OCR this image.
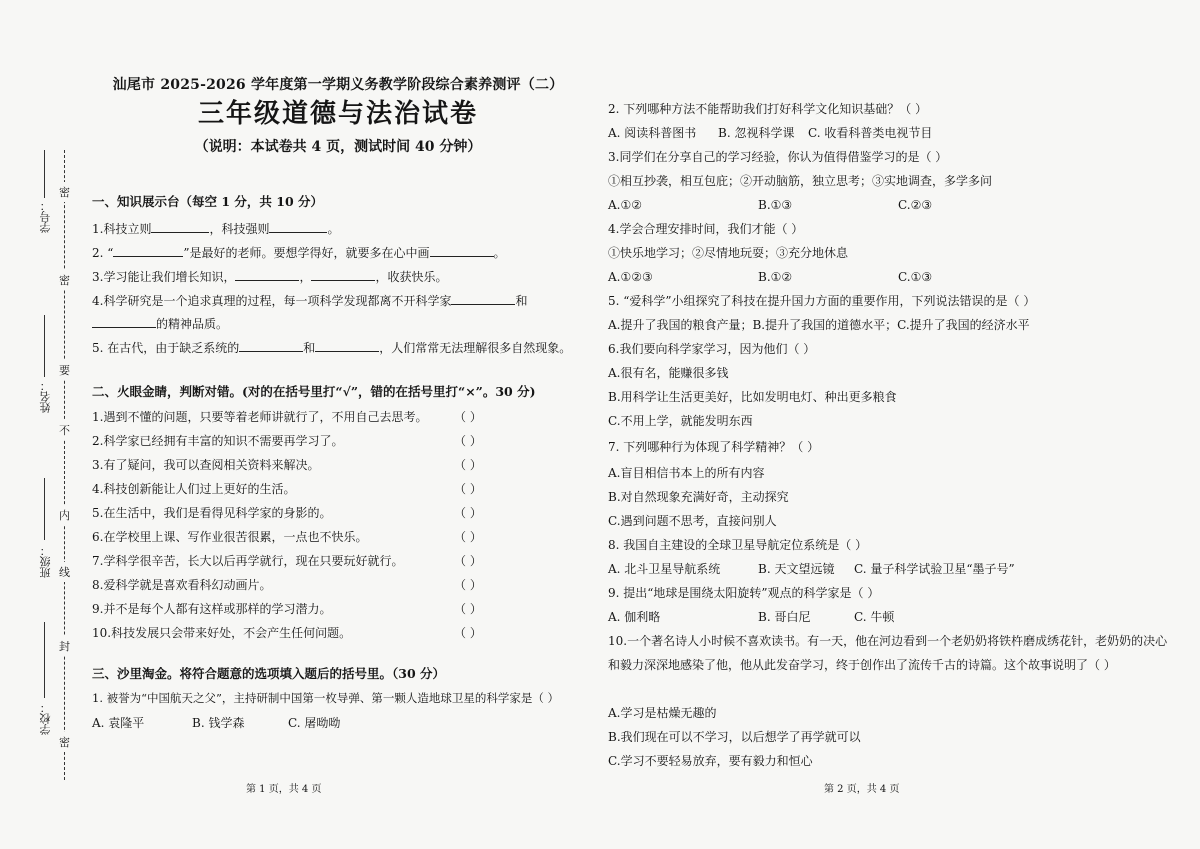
学号：
姓名：
班级：
学校：
密
密
要
不
内
线
封
密
汕尾市 2025-2026 学年度第一学期义务教学阶段综合素养测评（二）
三年级道德与法治试卷
（说明：本试卷共 4 页，测试时间 40 分钟）
一、知识展示台（每空 1 分，共 10 分）
1.科技立则	，科技强则	。
2. “	”是最好的老师。要想学得好，就要多在心中画	。
3.学习能让我们增长知识，	，	，收获快乐。
4.科学研究是一个追求真理的过程，每一项科学发现都离不开科学家	和
的精神品质。
5. 在古代，由于缺乏系统的	和	，人们常常无法理解很多自然现象。
二、火眼金睛，判断对错。(对的在括号里打“√”，错的在括号里打“×”。30 分)
1.遇到不懂的问题，只要等着老师讲就行了，不用自己去思考。 （ ）
2.科学家已经拥有丰富的知识不需要再学习了。	（ ）
3.有了疑问，我可以查阅相关资料来解决。	（ ）
4.科技创新能让人们过上更好的生活。	（ ）
5.在生活中，我们是看得见科学家的身影的。	（ ）
6.在学校里上课、写作业很苦很累，一点也不快乐。	（ ）
7.学科学很辛苦，长大以后再学就行，现在只要玩好就行。	（ ）
8.爱科学就是喜欢看科幻动画片。	（ ）
9.并不是每个人都有这样或那样的学习潜力。	（ ）
10.科技发展只会带来好处，不会产生任何问题。	（ ）
三、沙里淘金。将符合题意的选项填入题后的括号里。（30 分）
1. 被誉为“中国航天之父”，主持研制中国第一枚导弹、第一颗人造地球卫星的科学家是（ ）
A. 袁隆平	B. 钱学森	C. 屠呦呦
第 1 页，共 4 页
2. 下列哪种方法不能帮助我们打好科学文化知识基础？（ ）
A. 阅读科普图书 B. 忽视科学课 C. 收看科普类电视节目
3.同学们在分享自己的学习经验，你认为值得借鉴学习的是（ ）
①相互抄袭，相互包庇；②开动脑筋，独立思考；③实地调查，多学多问
A.①②	B.①③	C.②③
4.学会合理安排时间，我们才能（ ）
①快乐地学习；②尽情地玩耍；③充分地休息
A.①②③	B.①②	C.①③
5. “爱科学”小组探究了科技在提升国力方面的重要作用，下列说法错误的是（ ）
A.提升了我国的粮食产量；B.提升了我国的道德水平；C.提升了我国的经济水平
6.我们要向科学家学习，因为他们（ ）
A.很有名，能赚很多钱
B.用科学让生活更美好，比如发明电灯、种出更多粮食
C.不用上学，就能发明东西
7. 下列哪种行为体现了科学精神？（ ）
A.盲目相信书本上的所有内容
B.对自然现象充满好奇，主动探究
C.遇到问题不思考，直接问别人
8. 我国自主建设的全球卫星导航定位系统是（ ）
A. 北斗卫星导航系统	B. 天文望远镜 C. 量子科学试验卫星“墨子号”
9. 提出“地球是围绕太阳旋转”观点的科学家是（ ）
A. 伽利略	B. 哥白尼	C. 牛顿
10.一个著名诗人小时候不喜欢读书。有一天，他在河边看到一个老奶奶将铁杵磨成绣花针，老奶奶的决心和毅力深深地感染了他，他从此发奋学习，终于创作出了流传千古的诗篇。这个故事说明了（ ）
A.学习是枯燥无趣的
B.我们现在可以不学习，以后想学了再学就可以
C.学习不要轻易放弃，要有毅力和恒心
第 2 页，共 4 页
